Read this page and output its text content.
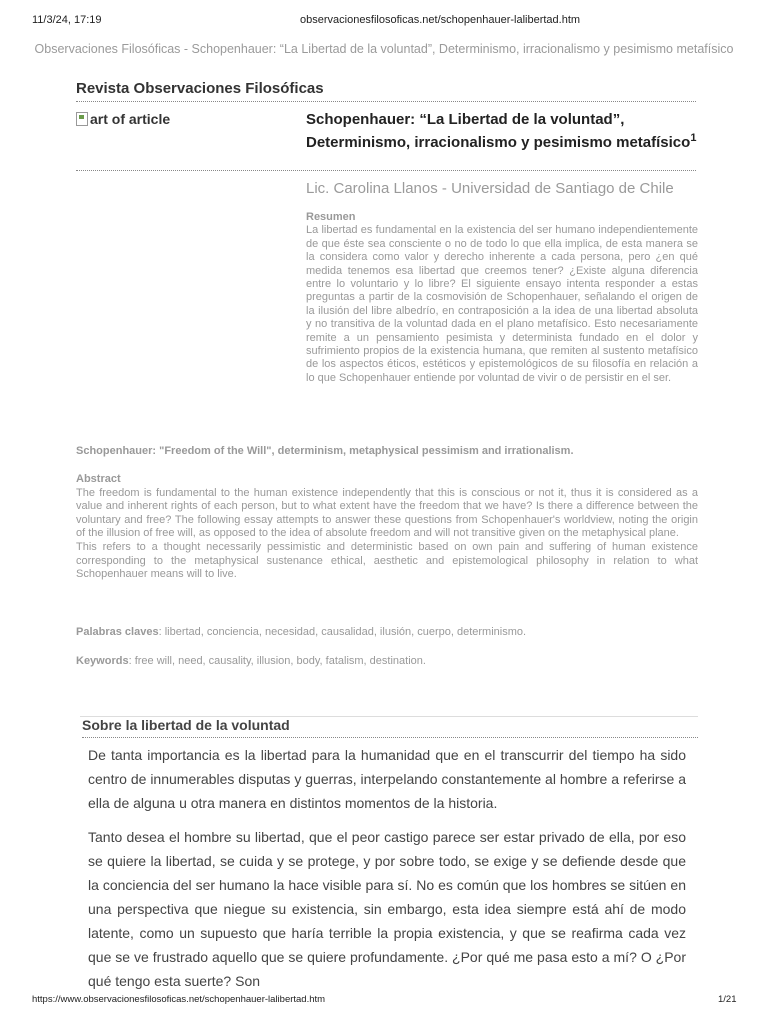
11/3/24, 17:19	observacionesfilosoficas.net/schopenhauer-lalibertad.htm
Observaciones Filosóficas - Schopenhauer: “La Libertad de la voluntad”, Determinismo, irracionalismo y pesimismo metafísico
Revista Observaciones Filosóficas
art of article	Schopenhauer: “La Libertad de la voluntad”, Determinismo, irracionalismo y pesimismo metafísico$^1$
Lic. Carolina Llanos - Universidad de Santiago de Chile
Resumen
La libertad es fundamental en la existencia del ser humano independientemente de que éste sea consciente o no de todo lo que ella implica, de esta manera se la considera como valor y derecho inherente a cada persona, pero ¿en qué medida tenemos esa libertad que creemos tener? ¿Existe alguna diferencia entre lo voluntario y lo libre? El siguiente ensayo intenta responder a estas preguntas a partir de la cosmovisión de Schopenhauer, señalando el origen de la ilusión del libre albedrío, en contraposición a la idea de una libertad absoluta y no transitiva de la voluntad dada en el plano metafísico. Esto necesariamente remite a un pensamiento pesimista y determinista fundado en el dolor y sufrimiento propios de la existencia humana, que remiten al sustento metafísico de los aspectos éticos, estéticos y epistemológicos de su filosofía en relación a lo que Schopenhauer entiende por voluntad de vivir o de persistir en el ser.
Schopenhauer: "Freedom of the Will", determinism, metaphysical pessimism and irrationalism.
Abstract

The freedom is fundamental to the human existence independently that this is conscious or not it, thus it is considered as a value and inherent rights of each person, but to what extent have the freedom that we have? Is there a difference between the voluntary and free? The following essay attempts to answer these questions from Schopenhauer's worldview, noting the origin of the illusion of free will, as opposed to the idea of absolute freedom and will not transitive given on the metaphysical plane.

This refers to a thought necessarily pessimistic and deterministic based on own pain and suffering of human existence corresponding to the metaphysical sustenance ethical, aesthetic and epistemological philosophy in relation to what Schopenhauer means will to live.

Palabras claves: libertad, conciencia, necesidad, causalidad, ilusión, cuerpo, determinismo.
Keywords: free will, need, causality, illusion, body, fatalism, destination.
Sobre la libertad de la voluntad

De tanta importancia es la libertad para la humanidad que en el transcurrir del tiempo ha sido centro de innumerables disputas y guerras, interpelando constantemente al hombre a referirse a ella de alguna u otra manera en distintos momentos de la historia.

Tanto desea el hombre su libertad, que el peor castigo parece ser estar privado de ella, por eso se quiere la libertad, se cuida y se protege, y por sobre todo, se exige y se defiende desde que la conciencia del ser humano la hace visible para sí. No es común que los hombres se sitúen en una perspectiva que niegue su existencia, sin embargo, esta idea siempre está ahí de modo latente, como un supuesto que haría terrible la propia existencia, y que se reafirma cada vez que se ve frustrado aquello que se quiere profundamente. ¿Por qué me pasa esto a mí? O ¿Por qué tengo esta suerte? Son

https://www.observacionesfilosoficas.net/schopenhauer-lalibertad.htm	1/21
